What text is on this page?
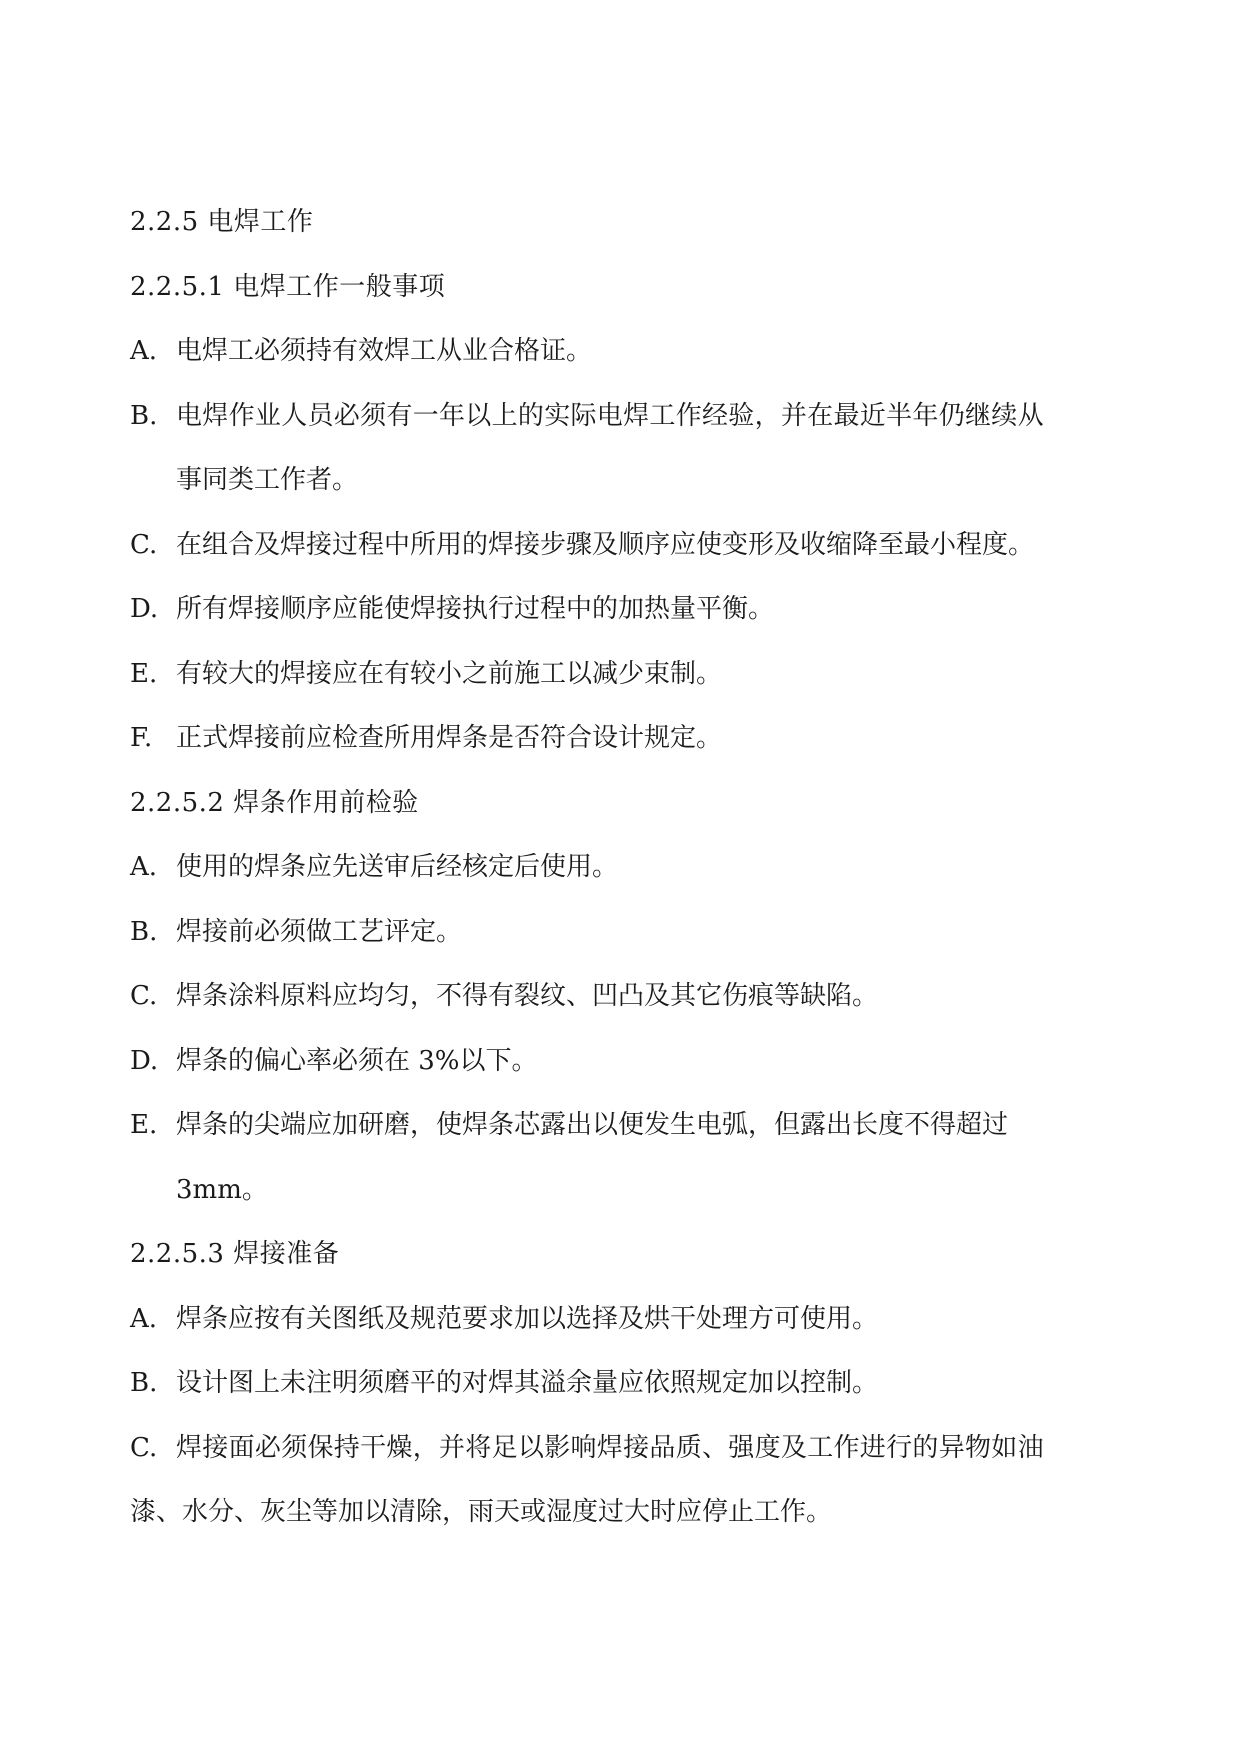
2.2.5 电焊工作
2.2.5.1 电焊工作一般事项
A. 电焊工必须持有效焊工从业合格证。
B. 电焊作业人员必须有一年以上的实际电焊工作经验，并在最近半年仍继续从
事同类工作者。
C. 在组合及焊接过程中所用的焊接步骤及顺序应使变形及收缩降至最小程度。
D. 所有焊接顺序应能使焊接执行过程中的加热量平衡。
E. 有较大的焊接应在有较小之前施工以减少束制。
F. 正式焊接前应检查所用焊条是否符合设计规定。
2.2.5.2 焊条作用前检验
A. 使用的焊条应先送审后经核定后使用。
B. 焊接前必须做工艺评定。
C. 焊条涂料原料应均匀，不得有裂纹、凹凸及其它伤痕等缺陷。
D. 焊条的偏心率必须在 3%以下。
E. 焊条的尖端应加研磨，使焊条芯露出以便发生电弧，但露出长度不得超过
3mm。
2.2.5.3 焊接准备
A. 焊条应按有关图纸及规范要求加以选择及烘干处理方可使用。
B. 设计图上未注明须磨平的对焊其溢余量应依照规定加以控制。
C. 焊接面必须保持干燥，并将足以影响焊接品质、强度及工作进行的异物如油
漆、水分、灰尘等加以清除，雨天或湿度过大时应停止工作。
